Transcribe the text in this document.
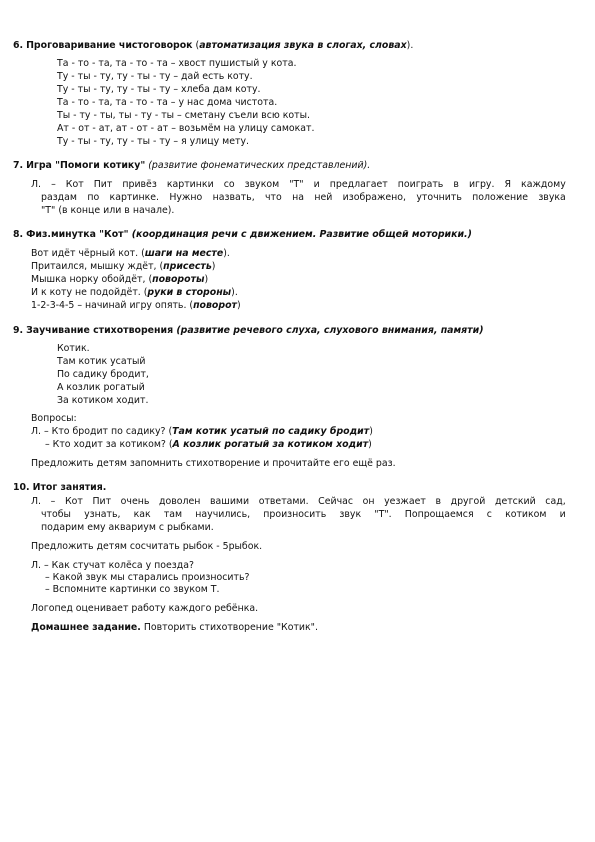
6. Проговаривание чистоговорок (автоматизация звука в слогах, словах).
Та - то - та, та - то - та – хвост пушистый у кота.
Ту - ты - ту, ту - ты - ту – дай есть коту.
Ту - ты - ту, ту - ты - ту – хлеба дам коту.
Та - то - та, та - то - та – у нас дома чистота.
Ты - ту - ты, ты - ту - ты – сметану съели всю коты.
Ат - от - ат, ат - от - ат – возьмём на улицу самокат.
Ту - ты - ту, ту - ты - ту – я улицу мету.
7. Игра "Помоги котику" (развитие фонематических представлений).
Л. – Кот Пит привёз картинки со звуком "Т" и предлагает поиграть в игру. Я каждому
раздам по картинке. Нужно назвать, что на ней изображено, уточнить положение звука
"Т" (в конце или в начале).
8. Физ.минутка "Кот" (координация речи с движением. Развитие общей моторики.)
Вот идёт чёрный кот. (шаги на месте).
Притаился, мышку ждёт, (присесть)
Мышка норку обойдёт, (повороты)
И к коту не подойдёт. (руки в стороны).
1-2-3-4-5 – начинай игру опять. (поворот)
9. Заучивание стихотворения (развитие речевого слуха, слухового внимания, памяти)
Котик.
Там котик усатый
По садику бродит,
А козлик рогатый
За котиком ходит.
Вопросы:
Л. – Кто бродит по садику? (Там котик усатый по садику бродит)
– Кто ходит за котиком? (А козлик рогатый за котиком ходит)
Предложить детям запомнить стихотворение и прочитайте его ещё раз.
10. Итог занятия.
Л. – Кот Пит очень доволен вашими ответами. Сейчас он уезжает в другой детский сад,
чтобы узнать, как там научились, произносить звук "Т". Попрощаемся с котиком и
подарим ему аквариум с рыбками.
Предложить детям сосчитать рыбок - 5рыбок.
Л. – Как стучат колёса у поезда?
– Какой звук мы старались произносить?
– Вспомните картинки со звуком Т.
Логопед оценивает работу каждого ребёнка.
Домашнее задание. Повторить стихотворение "Котик".
